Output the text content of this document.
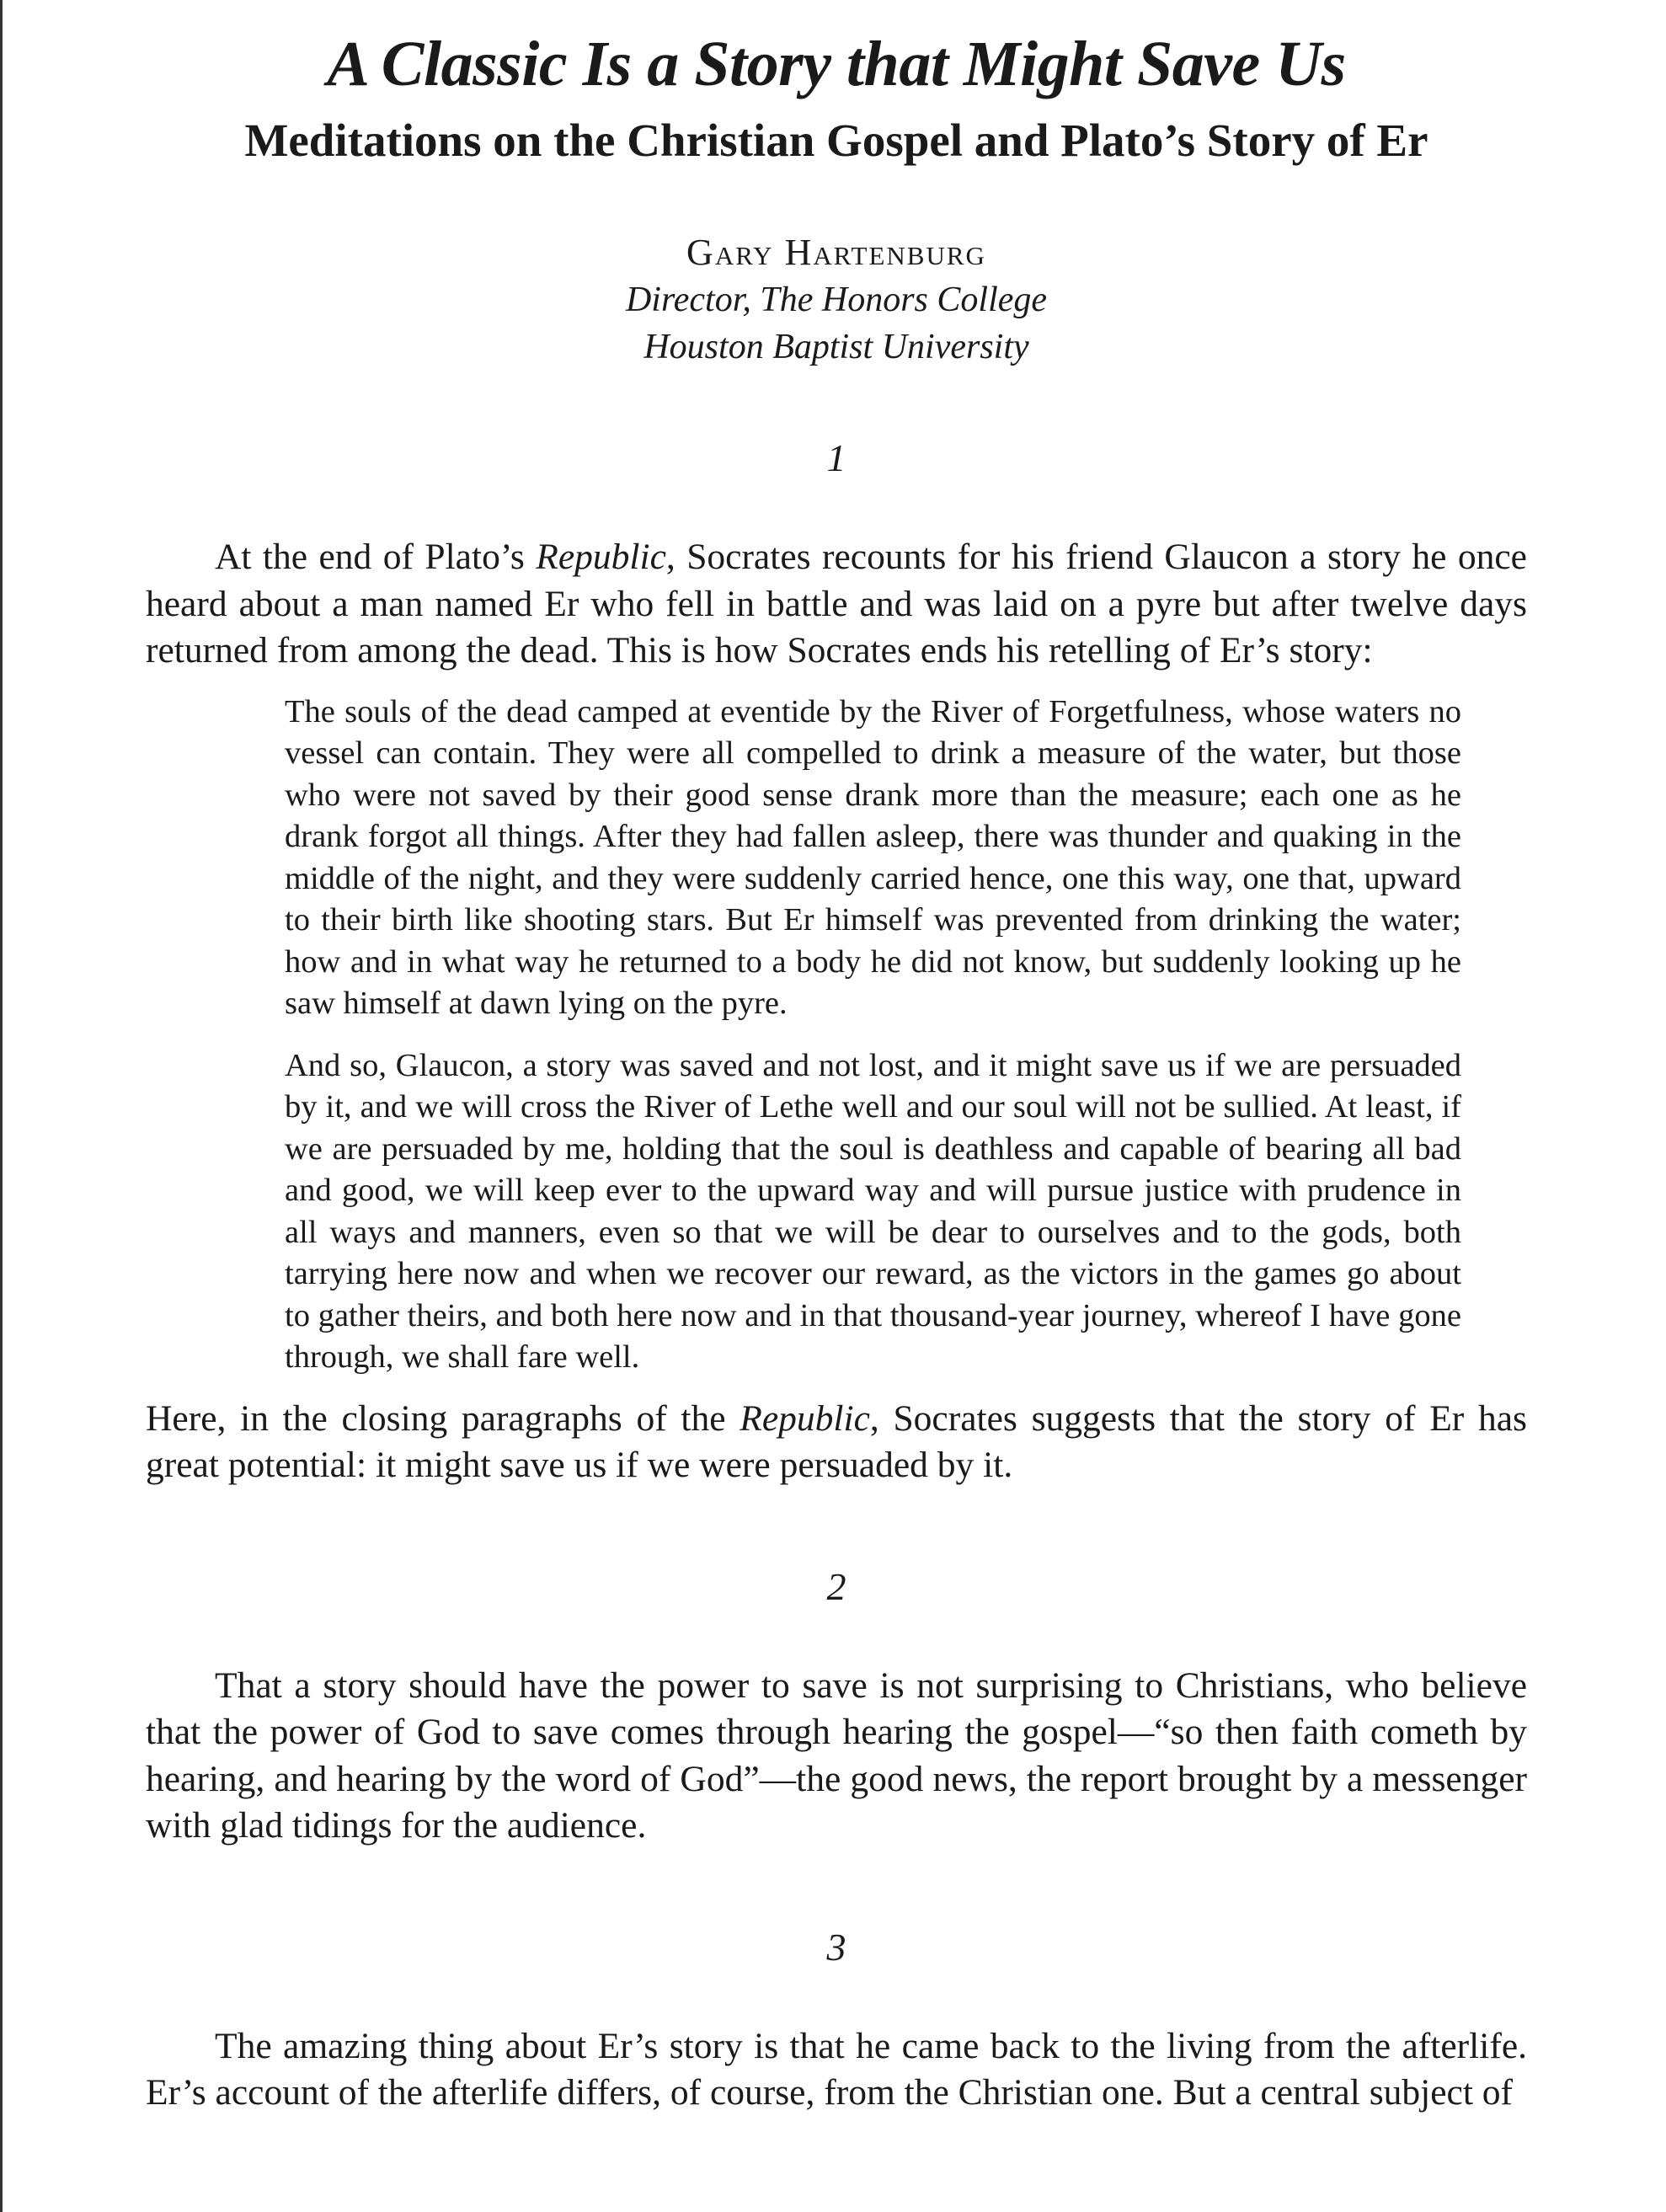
A Classic Is a Story that Might Save Us
Meditations on the Christian Gospel and Plato’s Story of Er
Gary Hartenburg
Director, The Honors College
Houston Baptist University
1

At the end of Plato’s Republic, Socrates recounts for his friend Glaucon a story he once heard about a man named Er who fell in battle and was laid on a pyre but after twelve days returned from among the dead. This is how Socrates ends his retelling of Er’s story:

The souls of the dead camped at eventide by the River of Forgetfulness, whose waters no vessel can contain. They were all compelled to drink a measure of the water, but those who were not saved by their good sense drank more than the measure; each one as he drank forgot all things. After they had fallen asleep, there was thunder and quaking in the middle of the night, and they were suddenly carried hence, one this way, one that, upward to their birth like shooting stars. But Er himself was prevented from drinking the water; how and in what way he returned to a body he did not know, but suddenly looking up he saw himself at dawn lying on the pyre.

And so, Glaucon, a story was saved and not lost, and it might save us if we are persuaded by it, and we will cross the River of Lethe well and our soul will not be sullied. At least, if we are persuaded by me, holding that the soul is deathless and capable of bearing all bad and good, we will keep ever to the upward way and will pursue justice with prudence in all ways and manners, even so that we will be dear to ourselves and to the gods, both tarrying here now and when we recover our reward, as the victors in the games go about to gather theirs, and both here now and in that thousand-year journey, whereof I have gone through, we shall fare well.

Here, in the closing paragraphs of the Republic, Socrates suggests that the story of Er has great potential: it might save us if we were persuaded by it.

2

That a story should have the power to save is not surprising to Christians, who believe that the power of God to save comes through hearing the gospel—“so then faith cometh by hearing, and hearing by the word of God”—the good news, the report brought by a messenger with glad tidings for the audience.

3

The amazing thing about Er’s story is that he came back to the living from the afterlife. Er’s account of the afterlife differs, of course, from the Christian one. But a central subject of
